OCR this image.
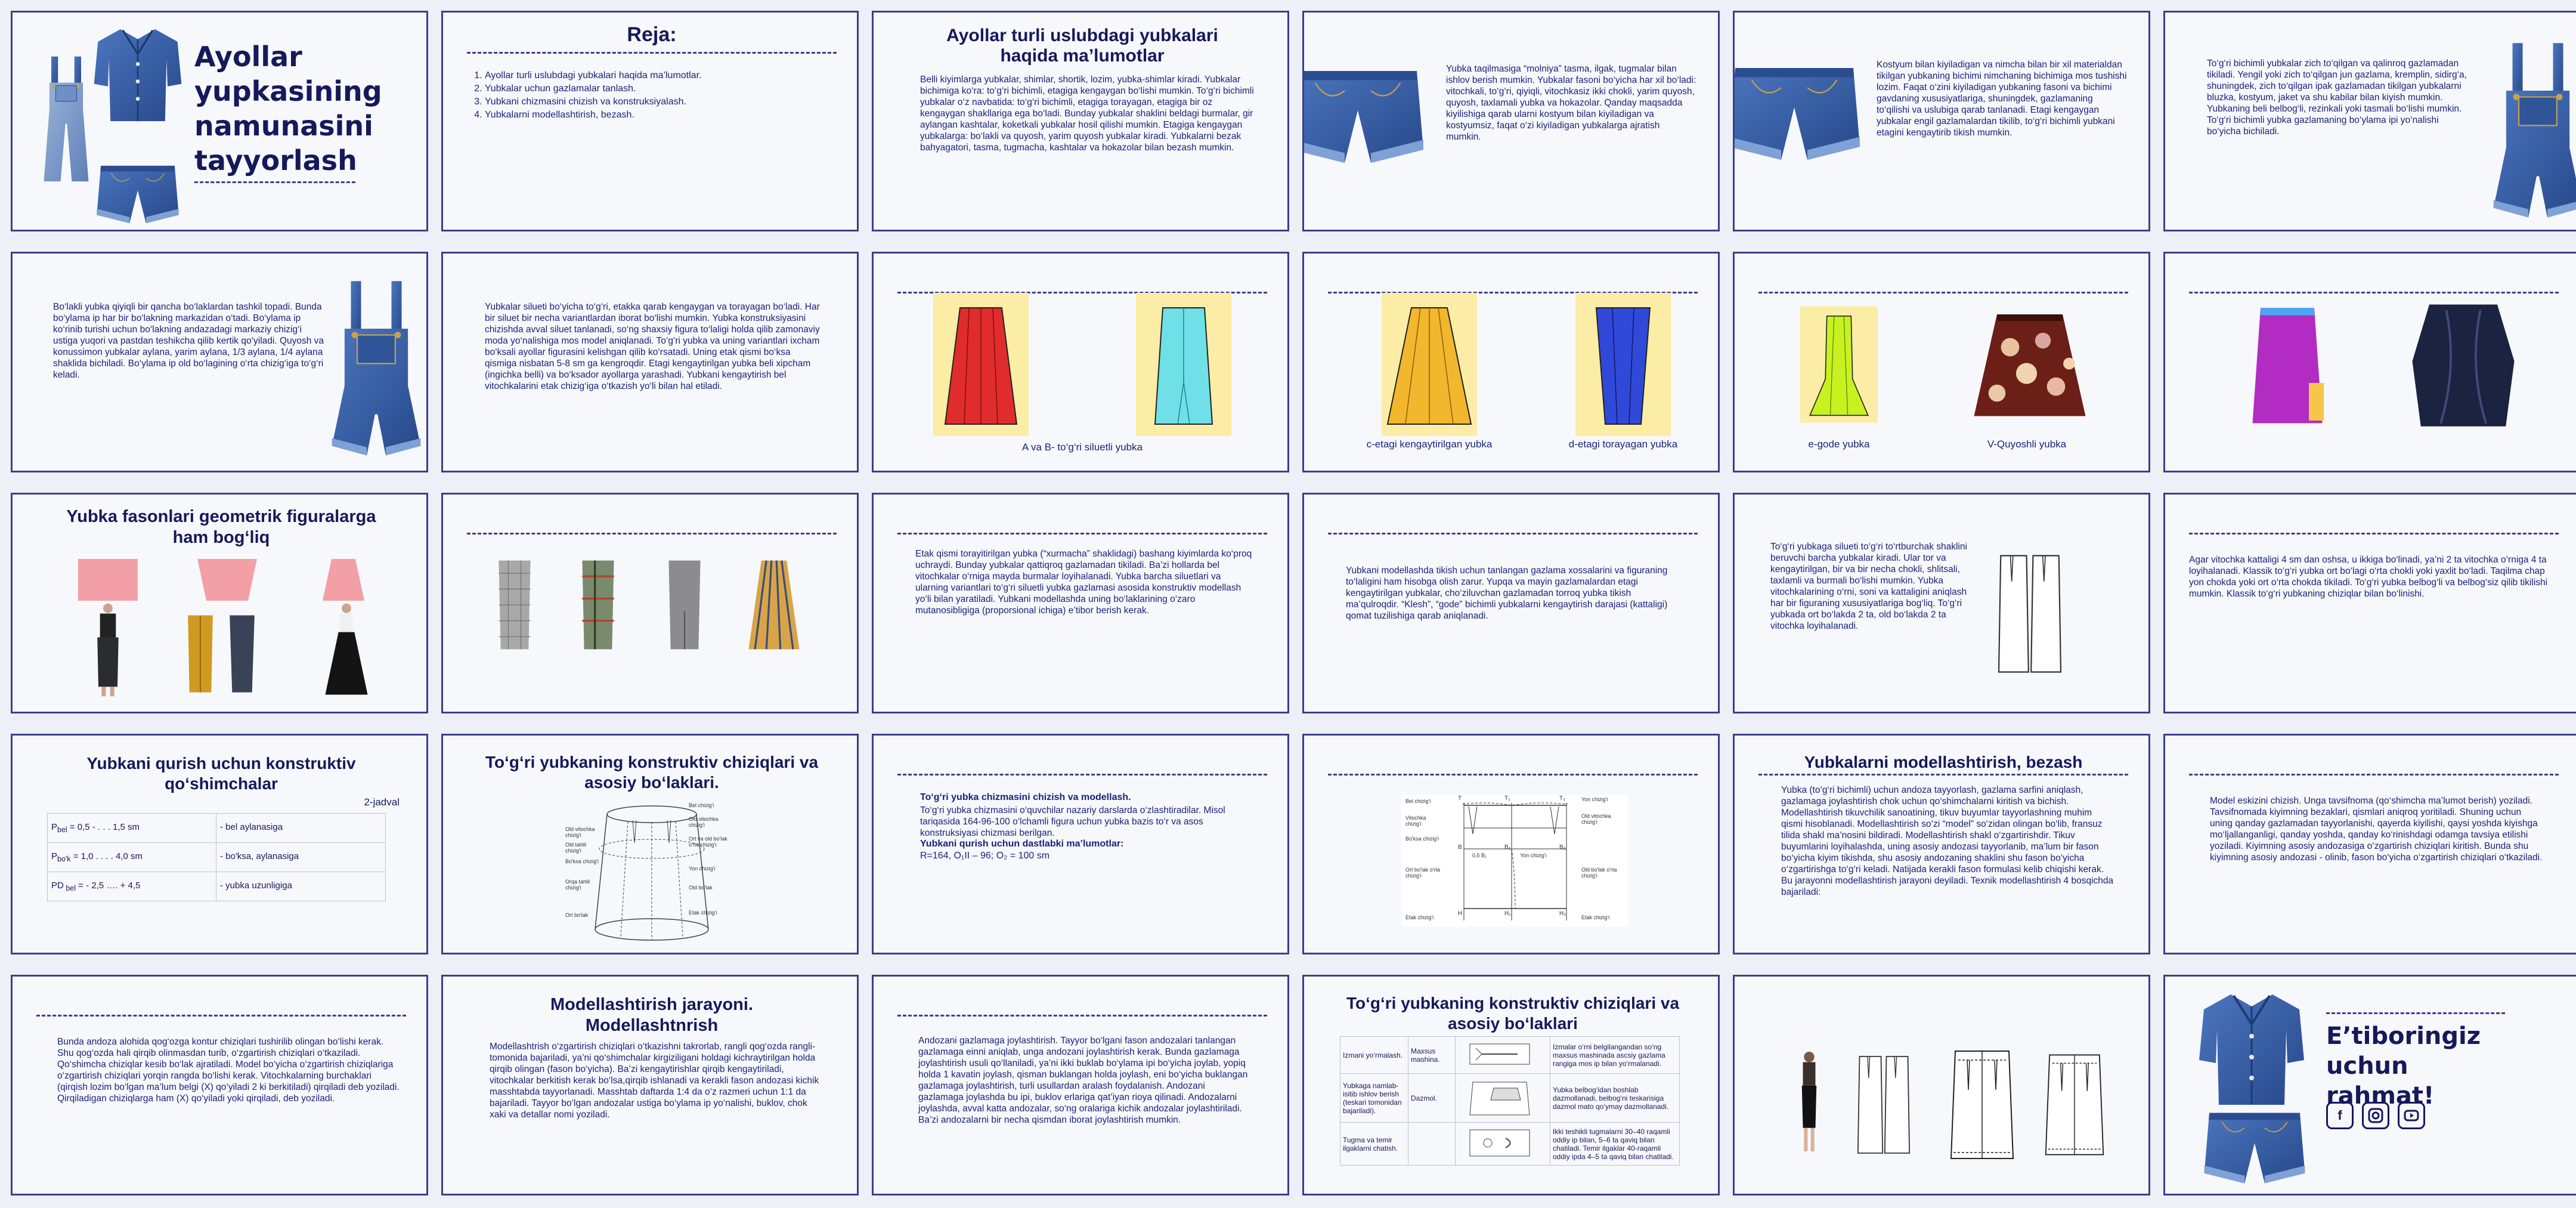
Ayollar yupkasining namunasini tayyorlash
Reja:
1. Ayollar turli uslubdagi yubkalari haqida ma’lumotlar.
2. Yubkalar uchun gazlamalar tanlash.
3. Yubkani chizmasini chizish va konstruksiyalash.
4. Yubkalarni modellashtirish, bezash.
Ayollar turli uslubdagi yubkalari haqida ma’lumotlar

Belli kiyimlarga yubkalar, shimlar, shortik, lozim, yubka-shimlar kiradi. Yubkalar bichimiga ko‘ra: to‘g‘ri bichimli, etagiga kengaygan bo‘lishi mumkin. To‘g‘ri bichimli yubkalar o‘z navbatida: to‘g‘ri bichimli, etagiga torayagan, etagiga bir oz kengaygan shakllariga ega bo‘ladi. Bunday yubkalar shaklini beldagi burmalar, gir aylangan kashtalar, koketkali yubkalar hosil qilishi mumkin. Etagiga kengaygan yubkalarga: bo‘lakli va quyosh, yarim quyosh yubkalar kiradi. Yubkalarni bezak bahyagatori, tasma, tugmacha, kashtalar va hokazolar bilan bezash mumkin.

Yubka taqilmasiga “molniya” tasma, ilgak, tugmalar bilan ishlov berish mumkin. Yubkalar fasoni bo‘yicha har xil bo‘ladi: vitochkali, to‘g‘ri, qiyiqli, vitochkasiz ikki chokli, yarim quyosh, quyosh, taxlamali yubka va hokazolar. Qanday maqsadda kiyilishiga qarab ularni kostyum bilan kiyiladigan va kostyumsiz, faqat o‘zi kiyiladigan yubkalarga ajratish mumkin.

Kostyum bilan kiyiladigan va nimcha bilan bir xil materialdan tikilgan yubkaning bichimi nimchaning bichimiga mos tushishi lozim. Faqat o‘zini kiyiladigan yubkaning fasoni va bichimi gavdaning xususiyatlariga, shuningdek, gazlamaning to‘qilishi va uslubiga qarab tanlanadi. Etagi kengaygan yubkalar engil gazlamalardan tikilib, to‘g‘ri bichimli yubkani etagini kengaytirib tikish mumkin.

To‘g‘ri bichimli yubkalar zich to‘qilgan va qalinroq gazlamadan tikiladi. Yengil yoki zich to‘qilgan jun gazlama, kremplin, sidirg‘a, shuningdek, zich to‘qilgan ipak gazlamadan tikilgan yubkalarni bluzka, kostyum, jaket va shu kabilar bilan kiyish mumkin. Yubkaning beli belbog‘li, rezinkali yoki tasmali bo‘lishi mumkin. To‘g‘ri bichimli yubka gazlamaning bo‘ylama ipi yo‘nalishi bo‘yicha bichiladi.

Bo‘lakli yubka qiyiqli bir qancha bo‘laklardan tashkil topadi. Bunda bo‘ylama ip har bir bo‘lakning markazidan o‘tadi. Bo‘ylama ip ko‘rinib turishi uchun bo‘lakning andazadagi markaziy chizig‘i ustiga yuqori va pastdan teshikcha qilib kertik qo‘yiladi. Quyosh va konussimon yubkalar aylana, yarim aylana, 1/3 aylana, 1/4 aylana shaklida bichiladi. Bo‘ylama ip old bo‘lagining o‘rta chizig‘iga to‘g‘ri keladi.

Yubkalar silueti bo‘yicha to‘g‘ri, etakka qarab kengaygan va torayagan bo‘ladi. Har bir siluet bir necha variantlardan iborat bo‘lishi mumkin. Yubka konstruksiyasini chizishda avval siluet tanlanadi, so‘ng shaxsiy figura to‘laligi holda qilib zamonaviy moda yo‘nalishiga mos model aniqlanadi. To‘g‘ri yubka va uning variantlari ixcham bo‘ksali ayollar figurasini kelishgan qilib ko‘rsatadi. Uning etak qismi bo‘ksa qismiga nisbatan 5-8 sm ga kengroqdir. Etagi kengaytirilgan yubka beli xipcham (ingichka belli) va bo‘ksador ayollarga yarashadi. Yubkani kengaytirish bel vitochkalarini etak chizig‘iga o‘tkazish yo‘li bilan hal etiladi.

A va B- to‘g‘ri siluetli yubka	c-etagi kengaytirilgan yubka	d-etagi torayagan yubka	e-gode yubka	V-Quyoshli yubka
Yubka fasonlari geometrik figuralarga ham bog‘liq

Etak qismi torayitirilgan yubka (“xurmacha” shaklidagi) bashang kiyimlarda ko‘proq uchraydi. Bunday yubkalar qattiqroq gazlamadan tikiladi. Ba’zi hollarda bel vitochkalar o‘rniga mayda burmalar loyihalanadi. Yubka barcha siluetlari va ularning variantlari to‘g‘ri siluetli yubka gazlamasi asosida konstruktiv modellash yo‘li bilan yaratiladi. Yubkani modellashda uning bo‘laklarining o‘zaro mutanosibligiga (proporsional ichiga) e’tibor berish kerak.

Yubkani modellashda tikish uchun tanlangan gazlama xossalarini va figuraning to‘laligini ham hisobga olish zarur. Yupqa va mayin gazlamalardan etagi kengaytirilgan yubkalar, cho‘ziluvchan gazlamadan torroq yubka tikish ma’qulroqdir. “Klesh”, “gode” bichimli yubkalarni kengaytirish darajasi (kattaligi) qomat tuzilishiga qarab aniqlanadi.

To‘g‘ri yubkaga silueti to‘g‘ri to‘rtburchak shaklini beruvchi barcha yubkalar kiradi. Ular tor va kengaytirilgan, bir va bir necha chokli, shlitsali, taxlamli va burmali bo‘lishi mumkin. Yubka vitochkalarining o‘rni, soni va kattaligini aniqlash har bir figuraning xususiyatlariga bog‘liq. To‘g‘ri yubkada ort bo‘lakda 2 ta, old bo‘lakda 2 ta vitochka loyihalanadi.

Agar vitochka kattaligi 4 sm dan oshsa, u ikkiga bo‘linadi, ya’ni 2 ta vitochka o‘rniga 4 ta loyihalanadi. Klassik to‘g‘ri yubka ort bo‘lagi o‘rta chokli yoki yaxlit bo‘ladi. Taqilma chap yon chokda yoki ort o‘rta chokda tikiladi. To‘g‘ri yubka belbog‘li va belbog‘siz qilib tikilishi mumkin. Klassik to‘g‘ri yubkaning chiziqlar bilan bo‘linishi.

Yubkani qurish uchun konstruktiv qo‘shimchalar
2-jadval
$P_{bel} = 0,5$ - . . . 1,5 sm	- bel aylanasiga
$P_{bo'k} = 1,0$ . . . . 4,0 sm	- bo'ksa, aylanasiga
PD $_{bel}$ = - 2,5 …. + 4,5	- yubka uzunligiga
To‘g‘ri yubkaning konstruktiv chiziqlari va asosiy bo‘laklari.
Old vitochka chizig'i
Old tahlil chizig'i
Bo'ksa chizig'i
Orqa tahlil chizig'i
Ort bo'lak
Bel chizig'i
Old vitochka chizig'i
Ort va old bo'lak o'rta chizig'i
Yon chizig'i
Old bo'lak
Etak chizig'i
To‘g‘ri yubka chizmasini chizish va modellash.

To‘g‘ri yubka chizmasini o‘quvchilar nazariy darslarda o‘zlashtiradilar. Misol tariqasida 164-96-100 o‘lchamli figura uchun yubka bazis to‘r va asos konstruksiyasi chizmasi berilgan.

Yubkani qurish uchun dastlabki ma’lumotlar:
R=164, O₁II – 96; O₂ = 100 sm
Bel chizig'i
Vitochka chizig'i
Bo'ksa chizig'i
Ort bo'lak o'rta chizig'i
Etak chizig'i
Yon chizig'i
Old vitochka chizig'i
Old bo'lak o'rta chizig'i
Etak chizig'i
T	T₁	T₂
B	B₁	B₂
0,5 B₁	Yon chizig'i
H	H₁	H₂
Yubkalarni modellashtirish, bezash

Yubka (to‘g‘ri bichimli) uchun andoza tayyorlash, gazlama sarfini aniqlash, gazlamaga joylashtirish chok uchun qo‘shimchalarni kiritish va bichish.
Modellashtirish tikuvchilik sanoatining, tikuv buyumlar tayyorlashning muhim qismi hisoblanadi. Modellashtirish so‘zi “model” so‘zidan olingan bo‘lib, fransuz tilida shakl ma’nosini bildiradi. Modellashtirish shakl o‘zgartirishdir. Tikuv buyumlarini loyihalashda, uning asosiy andozasi tayyorlanib, ma’lum bir fason bo‘yicha kiyim tikishda, shu asosiy andozaning shaklini shu fason bo‘yicha o‘zgartirishga to‘g‘ri keladi. Natijada kerakli fason formulasi kelib chiqishi kerak. Bu jarayonni modellashtirish jarayoni deyiladi. Texnik modellashtirish 4 bosqichda bajariladi:

Model eskizini chizish. Unga tavsifnoma (qo‘shimcha ma’lumot berish) yoziladi. Tavsifnomada kiyimning bezaklari, qismlari aniqroq yoritiladi. Shuning uchun uning qanday gazlamadan tayyorlanishi, qayerda kiyilishi, qaysi yoshda kiyishga mo‘ljallanganligi, qanday yoshda, qanday ko‘rinishdagi odamga tavsiya etilishi yoziladi. Kiyimning asosiy andozasiga o‘zgartirish chiziqlari kiritish. Bunda shu kiyimning asosiy andozasi - olinib, fason bo‘yicha o‘zgartirish chiziqlari o‘tkaziladi.

Bunda andoza alohida qog‘ozga kontur chiziqlari tushirilib olingan bo‘lishi kerak. Shu qog‘ozda hali qirqib olinmasdan turib, o‘zgartirish chiziqlari o‘tkaziladi. Qo‘shimcha chiziqlar kesib bo‘lak ajratiladi. Model bo‘yicha o‘zgartirish chiziqlariga o‘zgartirish chiziqlari yorqin rangda bo‘lishi kerak. Vitochkalarning burchaklari (qirqish lozim bo‘lgan ma’lum belgi (X) qo‘yiladi 2 ki berkitiladi) qirqiladi deb yoziladi. Qirqiladigan chiziqlarga ham (X) qo‘yiladi yoki qirqiladi, deb yoziladi.

Modellashtirish jarayoni. Modellashtnrish

Modellashtrish o‘zgartirish chiziqlari o‘tkazishni takrorlab, rangli qog‘ozda rangli-tomonida bajariladi, ya’ni qo‘shimchalar kirgiziligani holdagi kichraytirilgan holda qirqib olingan (fason bo‘yicha). Ba’zi kengaytirishlar qirqib kengaytiriladi, vitochkalar berkitish kerak bo‘lsa,qirqib ishlanadi va kerakli fason andozasi kichik masshtabda tayyorlanadi. Masshtab daftarda 1:4 da o‘z razmeri uchun 1:1 da bajariladi. Tayyor bo‘lgan andozalar ustiga bo‘ylama ip yo‘nalishi, buklov, chok xaki va detallar nomi yoziladi.

Andozani gazlamaga joylashtirish. Tayyor bo‘lgani fason andozalari tanlangan gazlamaga einni aniqlab, unga andozani joylashtirish kerak. Bunda gazlamaga joylashtirish usuli qo‘llaniladi, ya’ni ikki buklab bo‘ylama ipi bo‘yicha joylab, yopiq holda 1 kavatin joylash, qisman buklangan holda joylash, eni bo‘yicha buklangan gazlamaga joylashtirish, turli usullardan aralash foydalanish. Andozani gazlamaga joylashda bu ipi, buklov erlariga qat’iyan rioya qilinadi. Andozalarni joylashda, avval katta andozalar, so‘ng oralariga kichik andozalar joylashtiriladi. Ba’zi andozalarni bir necha qismdan iborat joylashtirish mumkin.

To‘g‘ri yubkaning konstruktiv chiziqlari va asosiy bo‘laklari
Izmani yo‘rmalash.	Maxsus mashina.		Izmalar o‘rni belgilangandan so‘ng maxsus mashinada ascsiy gazlama rangiga mos ip bilan yo‘rmalanadi.
Yubkaga namlab-isitib ishlov berish (teskari tomonidan bajariladi).	Dazmol.		Yubka belbog‘idan boshlab dazmollanadi, belbog‘ni teskarisiga dazmol mato qo‘ymay dazmollanadi.
Tugma va temir ilgaklarni chatish.			Ikki teshikli tugmalarni 30–40 raqamli oddiy ip bilan, 5–6 ta qaviq bilan chatiladi. Temir ilgaklar 40-raqamli oddiy ipda 4–5 ta qaviq bilan chatiladi.
E’tiboringiz uchun rahmat!
f
